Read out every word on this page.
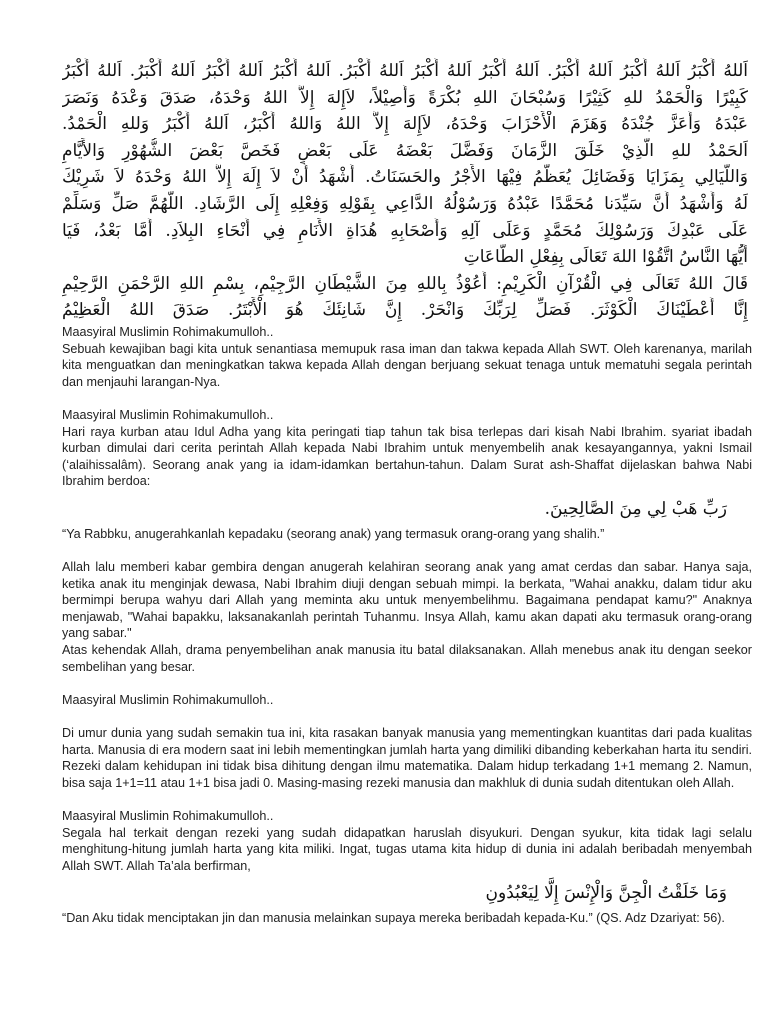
اَللهُ أَكْبَرُ اَللهُ أَكْبَرُ اَللهُ أَكْبَرُ. اَللهُ أَكْبَرُ اَللهُ أَكْبَرُ اَللهُ أَكْبَرُ. اَللهُ أَكْبَرُ اَللهُ أَكْبَرُ اَللهُ أَكْبَرُ. اَللهُ أَكْبَرُ
كَبِيْرًا وَالْحَمْدُ للهِ كَثِيْرًا وَسُبْحَانَ اللهِ بُكْرَةً وَأَصِيْلاً، لاَإِلهَ إِلاَّ اللهُ وَحْدَهُ، صَدَقَ وَعْدَهُ وَنَصَرَ
عَبْدَهُ وَأَعَزَّ جُنْدَهُ وَهَزَمَ الْأَحْزَابَ وَحْدَهُ، لاَإِلهَ إِلاَّ اللهُ وَاللهُ أَكْبَرُ، اَللهُ أَكْبَرُ وَللهِ الْحَمْدُ.
اَلحَمْدُ للهِ الَّذِيْ خَلَقَ الزَّمَانَ وَفَضَّلَ بَعْضَهُ عَلَى بَعْضٍ فَخَصَّ بَعْضَ الشُّهُوْرِ وَالأَيَّامِ
وَاللَّيَالِي بِمَزَايَا وَفَضَائِلَ يُعَظَّمُ فِيْهَا الأَجْرُ والحَسَنَاتُ. أَشْهَدُ أَنْ لاَ إِلَهَ إِلاَّ اللهُ وَحْدَهُ لاَ شَرِيْكَ
لَهُ وَأَشْهَدُ أَنَّ سَيِّدَنا مُحَمَّدًا عَبْدُهُ وَرَسُوْلُهُ الدَّاعِي بِقَوْلِهِ وَفِعْلِهِ إِلَى الرَّشَادِ. اللَّهُمَّ صَلِّ وَسَلِّمْ
عَلَى عَبْدِكَ وَرَسُوْلِكَ مُحَمَّدٍ وَعَلَى آلِهِ وَأَصْحَابِهِ هُدَاةِ الأَنَامِ فِي أَنْحَاءِ البِلاَدِ. أَمَّا بَعْدُ، فَيَا
أَيُّهَا النَّاسُ اتَّقُوْا اللهَ تَعَالَى بِفِعْلِ الطَّاعَاتِ
قَالَ اللهُ تَعَالَى فِي الْقُرْآنِ الْكَرِيْمِ: أَعُوْذُ بِاللهِ مِنَ الشَّيْطَانِ الرَّجِيْمِ، بِسْمِ اللهِ الرَّحْمَنِ الرَّحِيْمِ
إِنَّا أَعْطَيْنَاكَ الْكَوْثَرَ. فَصَلِّ لِرَبِّكَ وَانْحَرْ. إِنَّ شَانِئَكَ هُوَ الْأَبْتَرُ. صَدَقَ اللهُ الْعَظِيْمُ

Maasyiral Muslimin Rohimakumulloh..

Sebuah kewajiban bagi kita untuk senantiasa memupuk rasa iman dan takwa kepada Allah SWT. Oleh karenanya, marilah kita menguatkan dan meningkatkan takwa kepada Allah dengan berjuang sekuat tenaga untuk mematuhi segala perintah dan menjauhi larangan-Nya.

Maasyiral Muslimin Rohimakumulloh..

Hari raya kurban atau Idul Adha yang kita peringati tiap tahun tak bisa terlepas dari kisah Nabi Ibrahim. syariat ibadah kurban dimulai dari cerita perintah Allah kepada Nabi Ibrahim untuk menyembelih anak kesayangannya, yakni Ismail (‘alaihissalâm). Seorang anak yang ia idam-idamkan bertahun-tahun. Dalam Surat ash-Shaffat dijelaskan bahwa Nabi Ibrahim berdoa:

رَبِّ هَبْ لِي مِنَ الصَّالِحِينَ.

“Ya Rabbku, anugerahkanlah kepadaku (seorang anak) yang termasuk orang-orang yang shalih.”

Allah lalu memberi kabar gembira dengan anugerah kelahiran seorang anak yang amat cerdas dan sabar. Hanya saja, ketika anak itu menginjak dewasa, Nabi Ibrahim diuji dengan sebuah mimpi. Ia berkata, "Wahai anakku, dalam tidur aku bermimpi berupa wahyu dari Allah yang meminta aku untuk menyembelihmu. Bagaimana pendapat kamu?" Anaknya menjawab, "Wahai bapakku, laksanakanlah perintah Tuhanmu. Insya Allah, kamu akan dapati aku termasuk orang-orang yang sabar."

Atas kehendak Allah, drama penyembelihan anak manusia itu batal dilaksanakan. Allah menebus anak itu dengan seekor sembelihan yang besar.

Maasyiral Muslimin Rohimakumulloh..

Di umur dunia yang sudah semakin tua ini, kita rasakan banyak manusia yang mementingkan kuantitas dari pada kualitas harta. Manusia di era modern saat ini lebih mementingkan jumlah harta yang dimiliki dibanding keberkahan harta itu sendiri. Rezeki dalam kehidupan ini tidak bisa dihitung dengan ilmu matematika. Dalam hidup terkadang 1+1 memang 2. Namun, bisa saja 1+1=11 atau 1+1 bisa jadi 0. Masing-masing rezeki manusia dan makhluk di dunia sudah ditentukan oleh Allah.

Maasyiral Muslimin Rohimakumulloh..

Segala hal terkait dengan rezeki yang sudah didapatkan haruslah disyukuri. Dengan syukur, kita tidak lagi selalu menghitung-hitung jumlah harta yang kita miliki. Ingat, tugas utama kita hidup di dunia ini adalah beribadah menyembah Allah SWT. Allah Ta’ala berfirman,

وَمَا خَلَقْتُ الْجِنَّ وَالْإِنْسَ إِلَّا لِيَعْبُدُونِ

“Dan Aku tidak menciptakan jin dan manusia melainkan supaya mereka beribadah kepada-Ku.” (QS. Adz Dzariyat: 56).
